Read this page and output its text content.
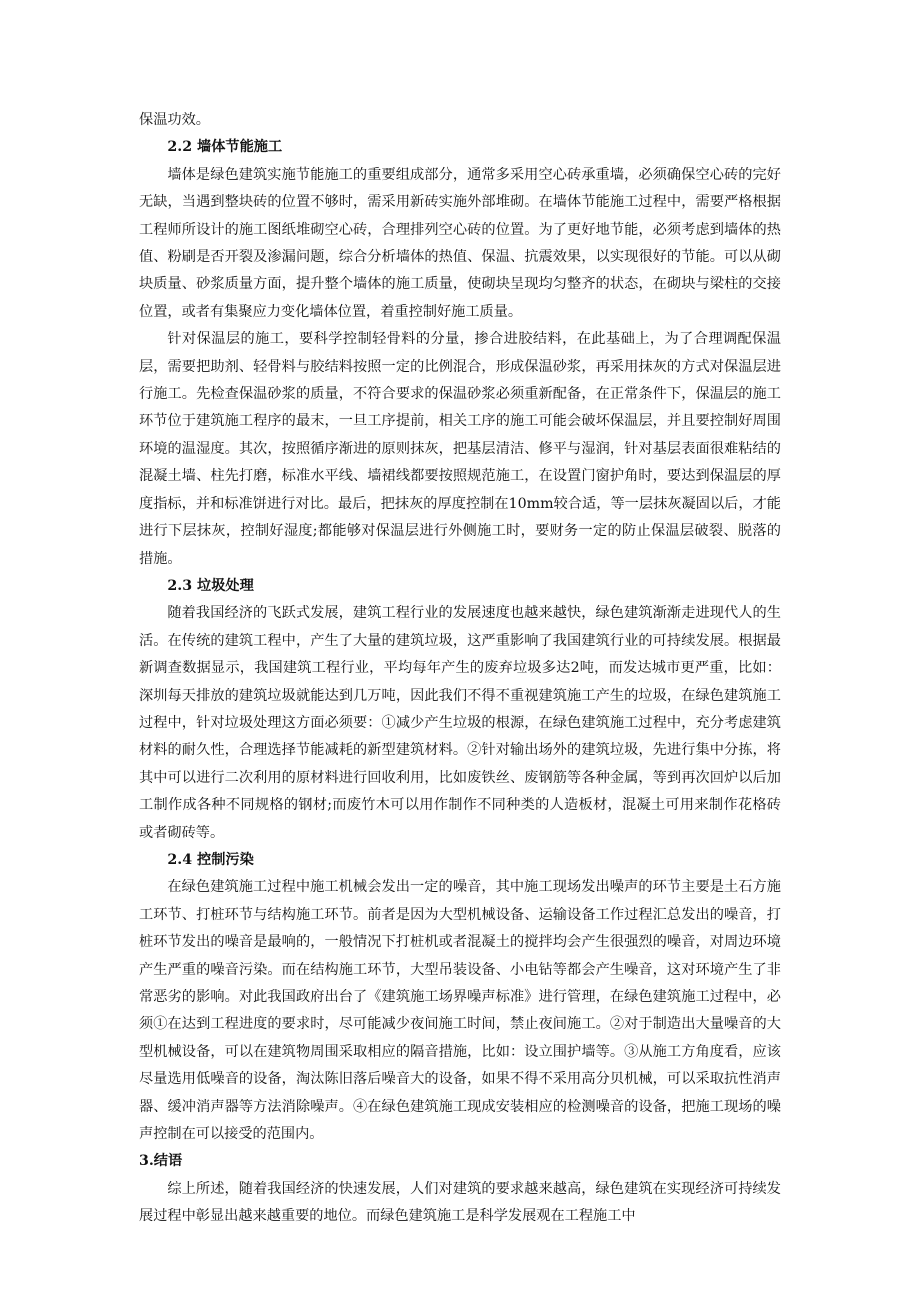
保温功效。

2.2 墙体节能施工

墙体是绿色建筑实施节能施工的重要组成部分，通常多采用空心砖承重墙，必须确保空心砖的完好无缺，当遇到整块砖的位置不够时，需采用新砖实施外部堆砌。在墙体节能施工过程中，需要严格根据工程师所设计的施工图纸堆砌空心砖，合理排列空心砖的位置。为了更好地节能，必须考虑到墙体的热值、粉刷是否开裂及渗漏问题，综合分析墙体的热值、保温、抗震效果，以实现很好的节能。可以从砌块质量、砂浆质量方面，提升整个墙体的施工质量，使砌块呈现均匀整齐的状态，在砌块与梁柱的交接位置，或者有集聚应力变化墙体位置，着重控制好施工质量。

针对保温层的施工，要科学控制轻骨料的分量，掺合进胶结料，在此基础上，为了合理调配保温层，需要把助剂、轻骨料与胶结料按照一定的比例混合，形成保温砂浆，再采用抹灰的方式对保温层进行施工。先检查保温砂浆的质量，不符合要求的保温砂浆必须重新配备，在正常条件下，保温层的施工环节位于建筑施工程序的最末，一旦工序提前，相关工序的施工可能会破坏保温层，并且要控制好周围环境的温湿度。其次，按照循序渐进的原则抹灰，把基层清洁、修平与湿润，针对基层表面很难粘结的混凝土墙、柱先打磨，标准水平线、墙裙线都要按照规范施工，在设置门窗护角时，要达到保温层的厚度指标，并和标准饼进行对比。最后，把抹灰的厚度控制在10mm较合适，等一层抹灰凝固以后，才能进行下层抹灰，控制好湿度;都能够对保温层进行外侧施工时，要财务一定的防止保温层破裂、脱落的措施。

2.3 垃圾处理

随着我国经济的飞跃式发展，建筑工程行业的发展速度也越来越快，绿色建筑渐渐走进现代人的生活。在传统的建筑工程中，产生了大量的建筑垃圾，这严重影响了我国建筑行业的可持续发展。根据最新调查数据显示，我国建筑工程行业，平均每年产生的废弃垃圾多达2吨，而发达城市更严重，比如：深圳每天排放的建筑垃圾就能达到几万吨，因此我们不得不重视建筑施工产生的垃圾，在绿色建筑施工过程中，针对垃圾处理这方面必须要：①减少产生垃圾的根源，在绿色建筑施工过程中，充分考虑建筑材料的耐久性，合理选择节能减耗的新型建筑材料。②针对输出场外的建筑垃圾，先进行集中分拣，将其中可以进行二次利用的原材料进行回收利用，比如废铁丝、废钢筋等各种金属，等到再次回炉以后加工制作成各种不同规格的钢材;而废竹木可以用作制作不同种类的人造板材，混凝土可用来制作花格砖或者砌砖等。

2.4 控制污染

在绿色建筑施工过程中施工机械会发出一定的噪音，其中施工现场发出噪声的环节主要是土石方施工环节、打桩环节与结构施工环节。前者是因为大型机械设备、运输设备工作过程汇总发出的噪音，打桩环节发出的噪音是最响的，一般情况下打桩机或者混凝土的搅拌均会产生很强烈的噪音，对周边环境产生严重的噪音污染。而在结构施工环节，大型吊装设备、小电钻等都会产生噪音，这对环境产生了非常恶劣的影响。对此我国政府出台了《建筑施工场界噪声标准》进行管理，在绿色建筑施工过程中，必须①在达到工程进度的要求时，尽可能减少夜间施工时间，禁止夜间施工。②对于制造出大量噪音的大型机械设备，可以在建筑物周围采取相应的隔音措施，比如：设立围护墙等。③从施工方角度看，应该尽量选用低噪音的设备，淘汰陈旧落后噪音大的设备，如果不得不采用高分贝机械，可以采取抗性消声器、缓冲消声器等方法消除噪声。④在绿色建筑施工现成安装相应的检测噪音的设备，把施工现场的噪声控制在可以接受的范围内。

3.结语

综上所述，随着我国经济的快速发展，人们对建筑的要求越来越高，绿色建筑在实现经济可持续发展过程中彰显出越来越重要的地位。而绿色建筑施工是科学发展观在工程施工中
